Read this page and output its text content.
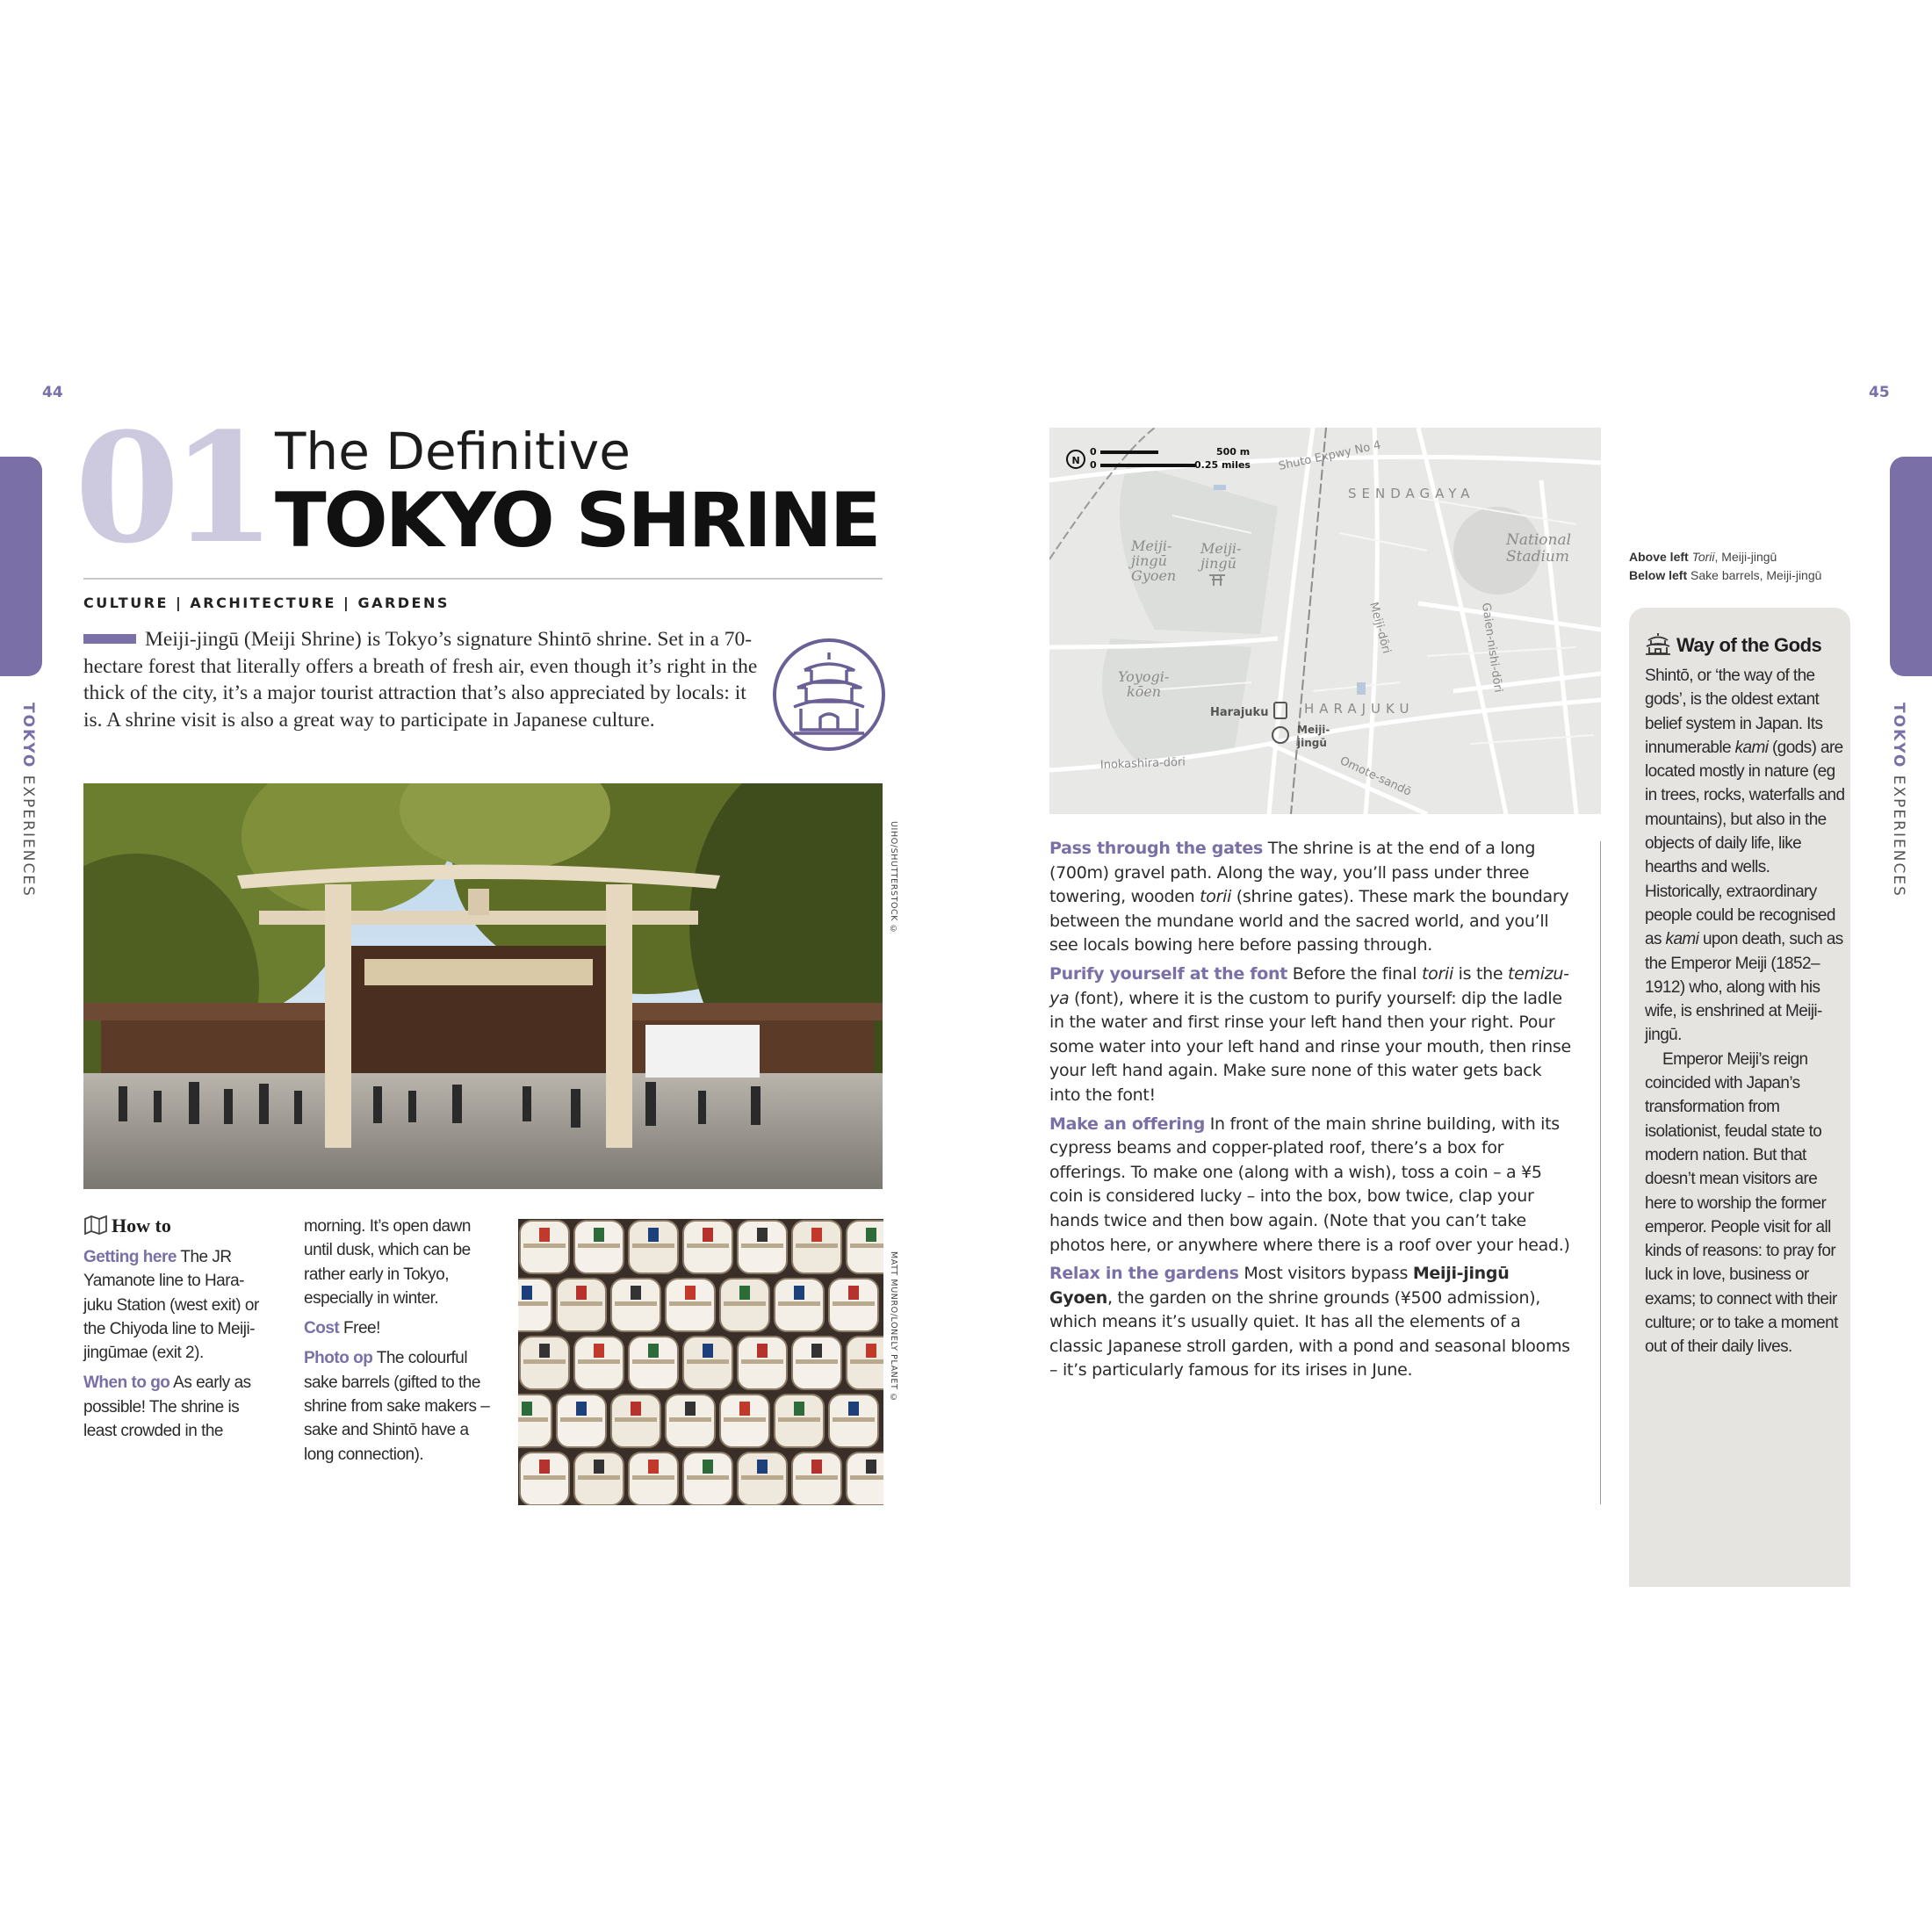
44
TOKYO EXPERIENCES
01 The Definitive
TOKYO SHRINE
CULTURE | ARCHITECTURE | GARDENS
Meiji-jingū (Meiji Shrine) is Tokyo’s signature Shintō shrine. Set in a 70-hectare forest that literally offers a breath of fresh air, even though it’s right in the thick of the city, it’s a major tourist attraction that’s also appreciated by locals: it is. A shrine visit is also a great way to participate in Japanese culture.
UIHO/SHUTTERSTOCK ©
How to

Getting here The JR Yamanote line to Hara-juku Station (west exit) or the Chiyoda line to Meiji-jingūmae (exit 2).

When to go As early as possible! The shrine is least crowded in the

morning. It’s open dawn until dusk, which can be rather early in Tokyo, especially in winter.

Cost Free!

Photo op The colourful sake barrels (gifted to the shrine from sake makers – sake and Shintō have a long connection).

MATT MUNRO/LONELY PLANET ©
45
TOKYO EXPERIENCES
N
0
0
500 m
0.25 miles Shuto Expwy No 4
SENDAGAYA
National
Stadium
Meiji-
jingū
Gyoen
Meiji-
jingū
Yoyogi-
kōen
Harajuku	HARAJUKU
Meiji-
jingū
Meiji-dōri	Gaien-nishi-dōri
Inokashira-dōri	Omote-sandō

Pass through the gates The shrine is at the end of a long (700m) gravel path. Along the way, you’ll pass under three towering, wooden torii (shrine gates). These mark the boundary between the mundane world and the sacred world, and you’ll see locals bowing here before passing through.

Purify yourself at the font Before the final torii is the temizu-ya (font), where it is the custom to purify yourself: dip the ladle in the water and first rinse your left hand then your right. Pour some water into your left hand and rinse your mouth, then rinse your left hand again. Make sure none of this water gets back into the font!

Make an offering In front of the main shrine building, with its cypress beams and copper-plated roof, there’s a box for offerings. To make one (along with a wish), toss a coin – a ¥5 coin is considered lucky – into the box, bow twice, clap your hands twice and then bow again. (Note that you can’t take photos here, or anywhere where there is a roof over your head.)

Relax in the gardens Most visitors bypass Meiji-jingū Gyoen, the garden on the shrine grounds (¥500 admission), which means it’s usually quiet. It has all the elements of a classic Japanese stroll garden, with a pond and seasonal blooms – it’s particularly famous for its irises in June.

Above left Torii, Meiji-jingū
Below left Sake barrels, Meiji-jingū
Way of the Gods

Shintō, or ‘the way of the gods’, is the oldest extant belief system in Japan. Its innumerable kami (gods) are located mostly in nature (eg in trees, rocks, waterfalls and mountains), but also in the objects of daily life, like hearths and wells. Historically, extraordinary people could be recognised as kami upon death, such as the Emperor Meiji (1852–1912) who, along with his wife, is enshrined at Meiji-jingū.

Emperor Meiji’s reign coincided with Japan’s transformation from isolationist, feudal state to modern nation. But that doesn’t mean visitors are here to worship the former emperor. People visit for all kinds of reasons: to pray for luck in love, business or exams; to connect with their culture; or to take a moment out of their daily lives.
